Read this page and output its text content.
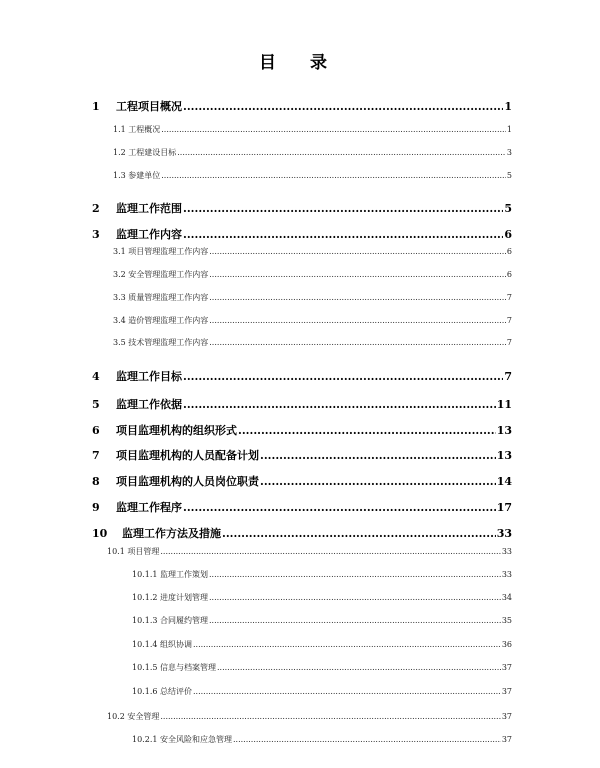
目 录
1	工程项目概况 .....	1
1.1 工程概况 .....	1
1.2 工程建设目标 .....	3
1.3 参建单位 .....	5
2	监理工作范围 .....	5
3	监理工作内容 .....	6
3.1 项目管理监理工作内容 .....	6
3.2 安全管理监理工作内容 .....	6
3.3 质量管理监理工作内容 .....	7
3.4 造价管理监理工作内容 .....	7
3.5 技术管理监理工作内容 .....	7
4	监理工作目标 .....	7
5	监理工作依据 .....	11
6	项目监理机构的组织形式 .....	13
7	项目监理机构的人员配备计划 .....	13
8	项目监理机构的人员岗位职责 .....	14
9	监理工作程序 .....	17
10	监理工作方法及措施 .....	33
10.1 项目管理 .....	33
10.1.1 监理工作策划 .....	33
10.1.2 进度计划管理 .....	34
10.1.3 合同履约管理 .....	35
10.1.4 组织协调 .....	36
10.1.5 信息与档案管理 .....	37
10.1.6 总结评价 .....	37
10.2 安全管理 .....	37
10.2.1 安全风险和应急管理 .....	37
